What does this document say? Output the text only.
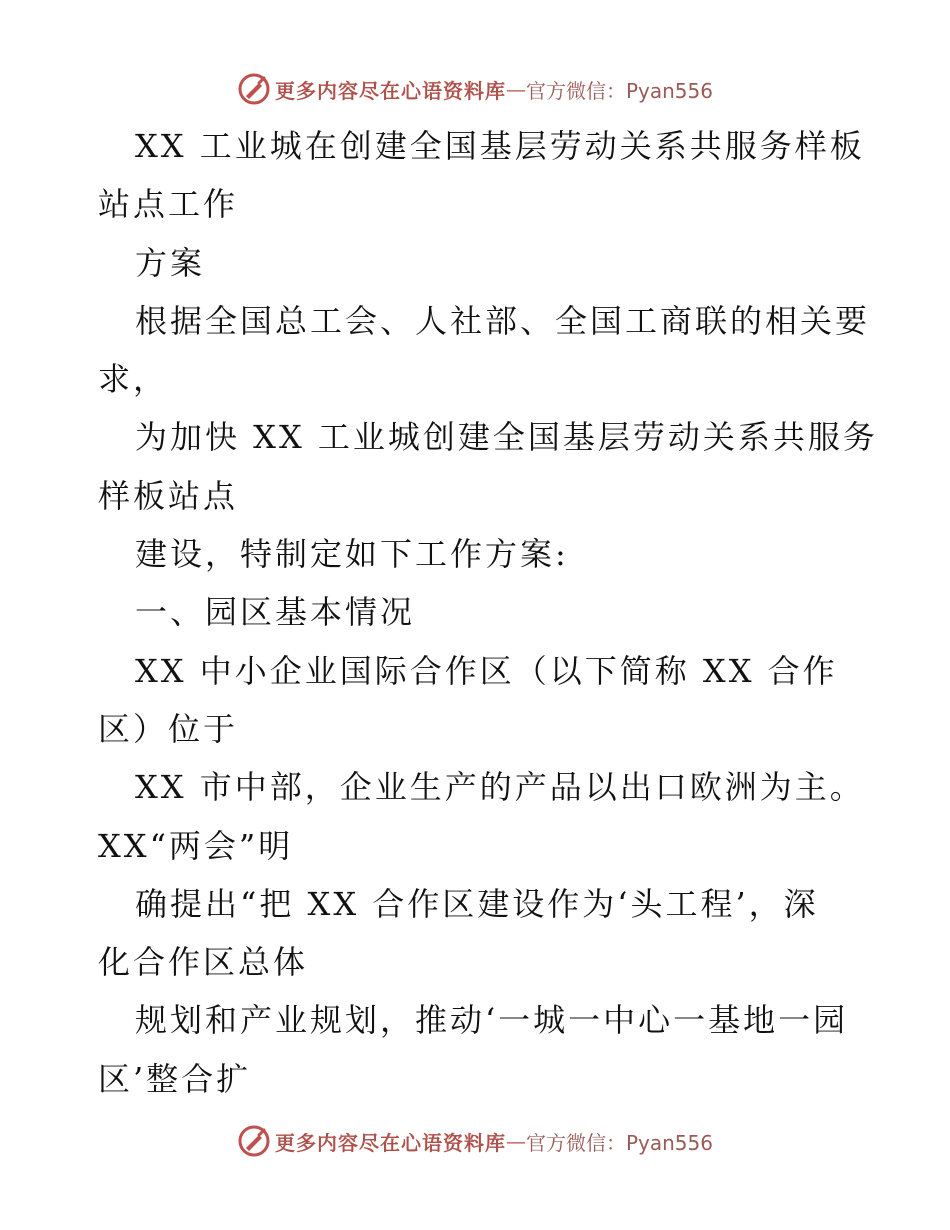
更多内容尽在心语资料库 — 官方微信：Pyan556
XX 工业城在创建全国基层劳动关系共服务样板
站点工作
方案
根据全国总工会、人社部、全国工商联的相关要
求，
为加快 XX 工业城创建全国基层劳动关系共服务
样板站点
建设，特制定如下工作方案:
一、园区基本情况
XX 中小企业国际合作区（以下简称 XX 合作
区）位于
XX 市中部，企业生产的产品以出口欧洲为主。
XX“两会”明
确提出“把 XX 合作区建设作为‘头工程’，深
化合作区总体
规划和产业规划，推动‘一城一中心一基地一园
区’整合扩
更多内容尽在心语资料库 — 官方微信：Pyan556
